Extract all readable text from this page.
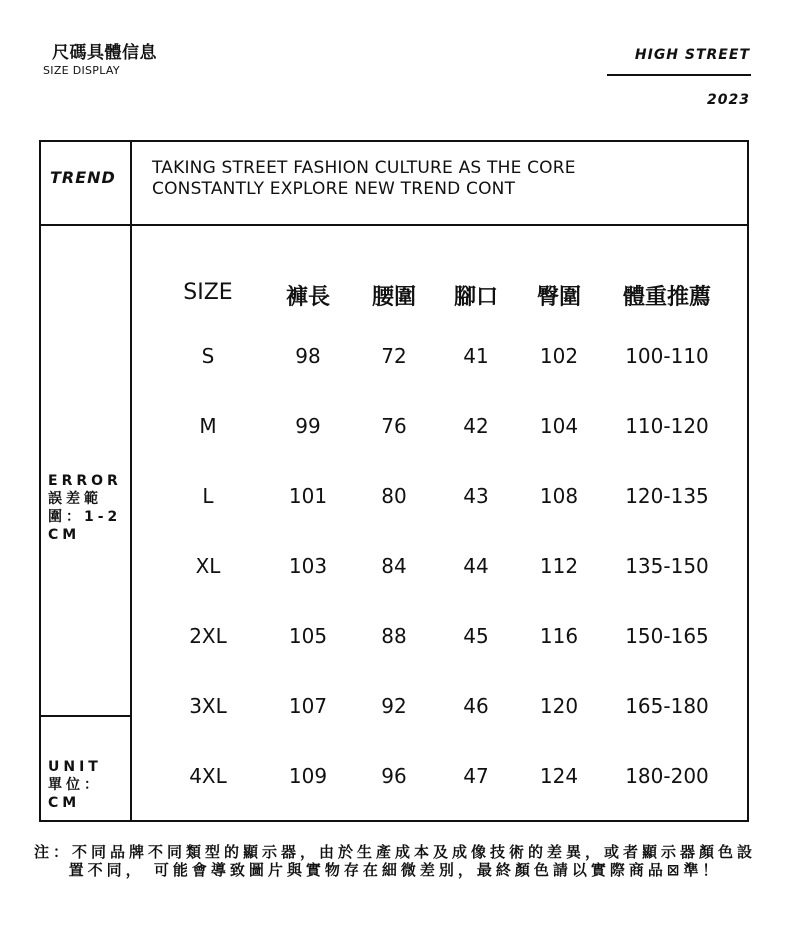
尺碼具體信息
SIZE DISPLAY
HIGH STREET
2023
TREND TAKING STREET FASHION CULTURE AS THE CORE
CONSTANTLY EXPLORE NEW TREND CONT
ERROR 誤差範圍：1-2CM
UNIT 單位：CM
SIZE	褲長	腰圍	腳口	臀圍	體重推薦
S	98	72	41	102	100-110
M	99	76	42	104	110-120
L	101	80	43	108	120-135
XL	103	84	44	112	135-150
2XL	105	88	45	116	150-165
3XL	107	92	46	120	165-180
4XL	109	96	47	124	180-200
注：不同品牌不同類型的顯示器，由於生產成本及成像技術的差異，或者顯示器顏色設
置不同， 可能會導致圖片與實物存在細微差別，最終顏色請以實際商品⊠準！
